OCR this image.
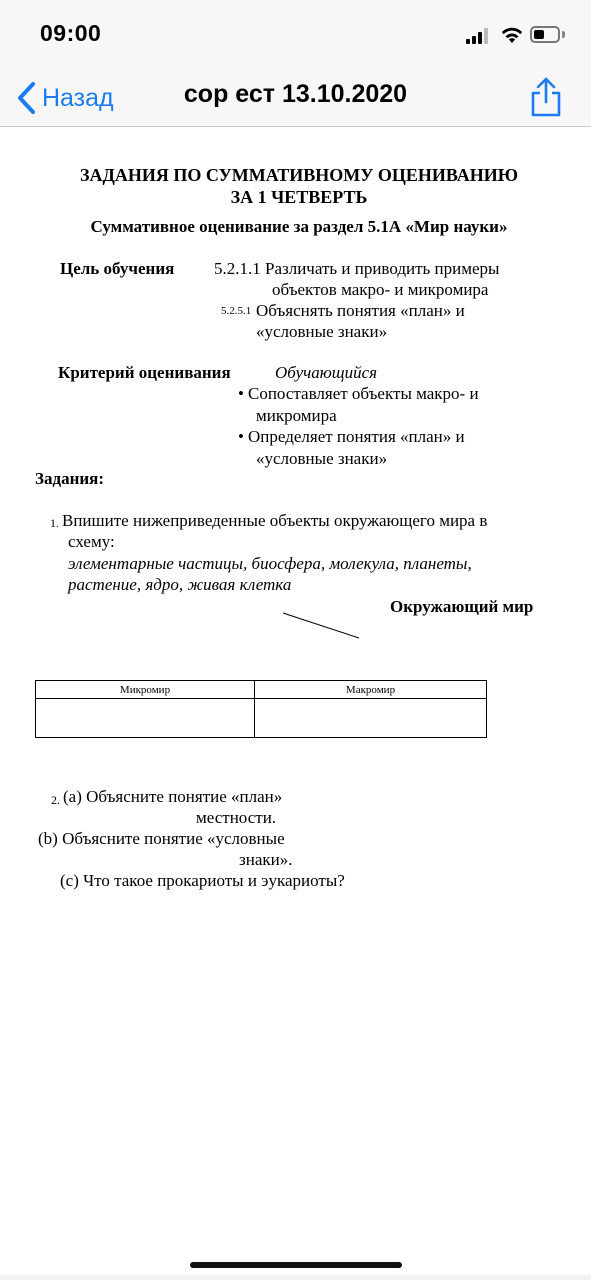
09:00
Назад	сор ест 13.10.2020
ЗАДАНИЯ ПО СУММАТИВНОМУ ОЦЕНИВАНИЮ
ЗА 1 ЧЕТВЕРТЬ
Суммативное оценивание за раздел 5.1А «Мир науки»
Цель обучения 5.2.1.1 Различать и приводить примеры
объектов макро- и микромира
5.2.5.1 Объяснять понятия «план» и
«условные знаки»
Критерий оценивания	Обучающийся
• Сопоставляет объекты макро- и
микромира
• Определяет понятия «план» и
«условные знаки»
Задания:
1. Впишите нижеприведенные объекты окружающего мира в
схему:
элементарные частицы, биосфера, молекула, планеты,
растение, ядро, живая клетка
Окружающий мир
Микромир	Макромир

2. (a) Объясните понятие «план»
местности.
(b) Объясните понятие «условные
знаки».
(c) Что такое прокариоты и эукариоты?
